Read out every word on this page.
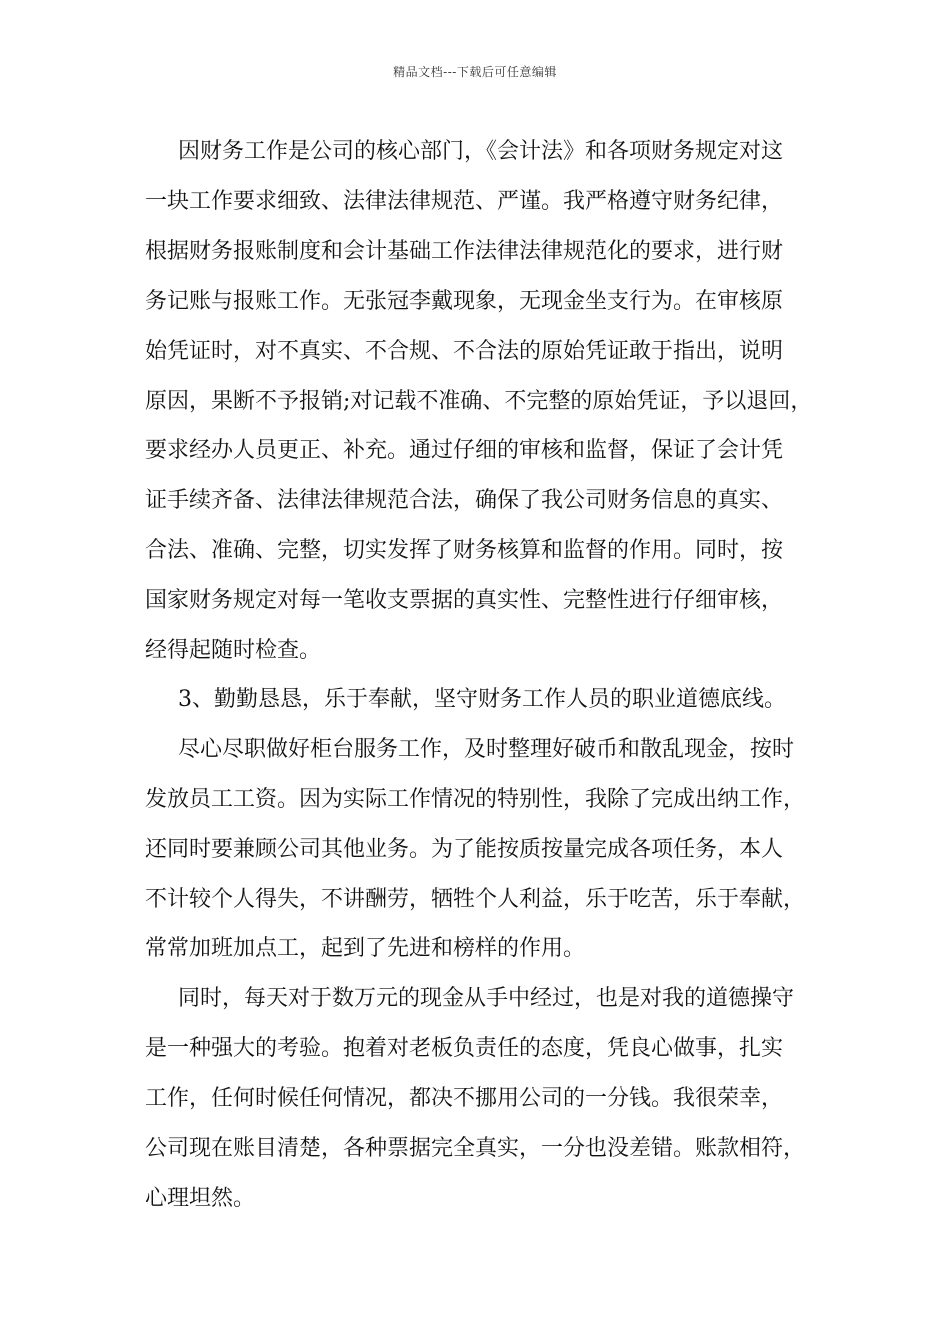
精品文档---下载后可任意编辑
因财务工作是公司的核心部门，《会计法》和各项财务规定对这
一块工作要求细致、法律法律规范、严谨。我严格遵守财务纪律，
根据财务报账制度和会计基础工作法律法律规范化的要求，进行财
务记账与报账工作。无张冠李戴现象，无现金坐支行为。在审核原
始凭证时，对不真实、不合规、不合法的原始凭证敢于指出，说明
原因，果断不予报销;对记载不准确、不完整的原始凭证，予以退回，
要求经办人员更正、补充。通过仔细的审核和监督，保证了会计凭
证手续齐备、法律法律规范合法，确保了我公司财务信息的真实、
合法、准确、完整，切实发挥了财务核算和监督的作用。同时，按
国家财务规定对每一笔收支票据的真实性、完整性进行仔细审核，
经得起随时检查。
3、勤勤恳恳，乐于奉献，坚守财务工作人员的职业道德底线。
尽心尽职做好柜台服务工作，及时整理好破币和散乱现金，按时
发放员工工资。因为实际工作情况的特别性，我除了完成出纳工作，
还同时要兼顾公司其他业务。为了能按质按量完成各项任务，本人
不计较个人得失，不讲酬劳，牺牲个人利益，乐于吃苦，乐于奉献，
常常加班加点工，起到了先进和榜样的作用。
同时，每天对于数万元的现金从手中经过，也是对我的道德操守
是一种强大的考验。抱着对老板负责任的态度，凭良心做事，扎实
工作，任何时候任何情况，都决不挪用公司的一分钱。我很荣幸，
公司现在账目清楚，各种票据完全真实，一分也没差错。账款相符，
心理坦然。
